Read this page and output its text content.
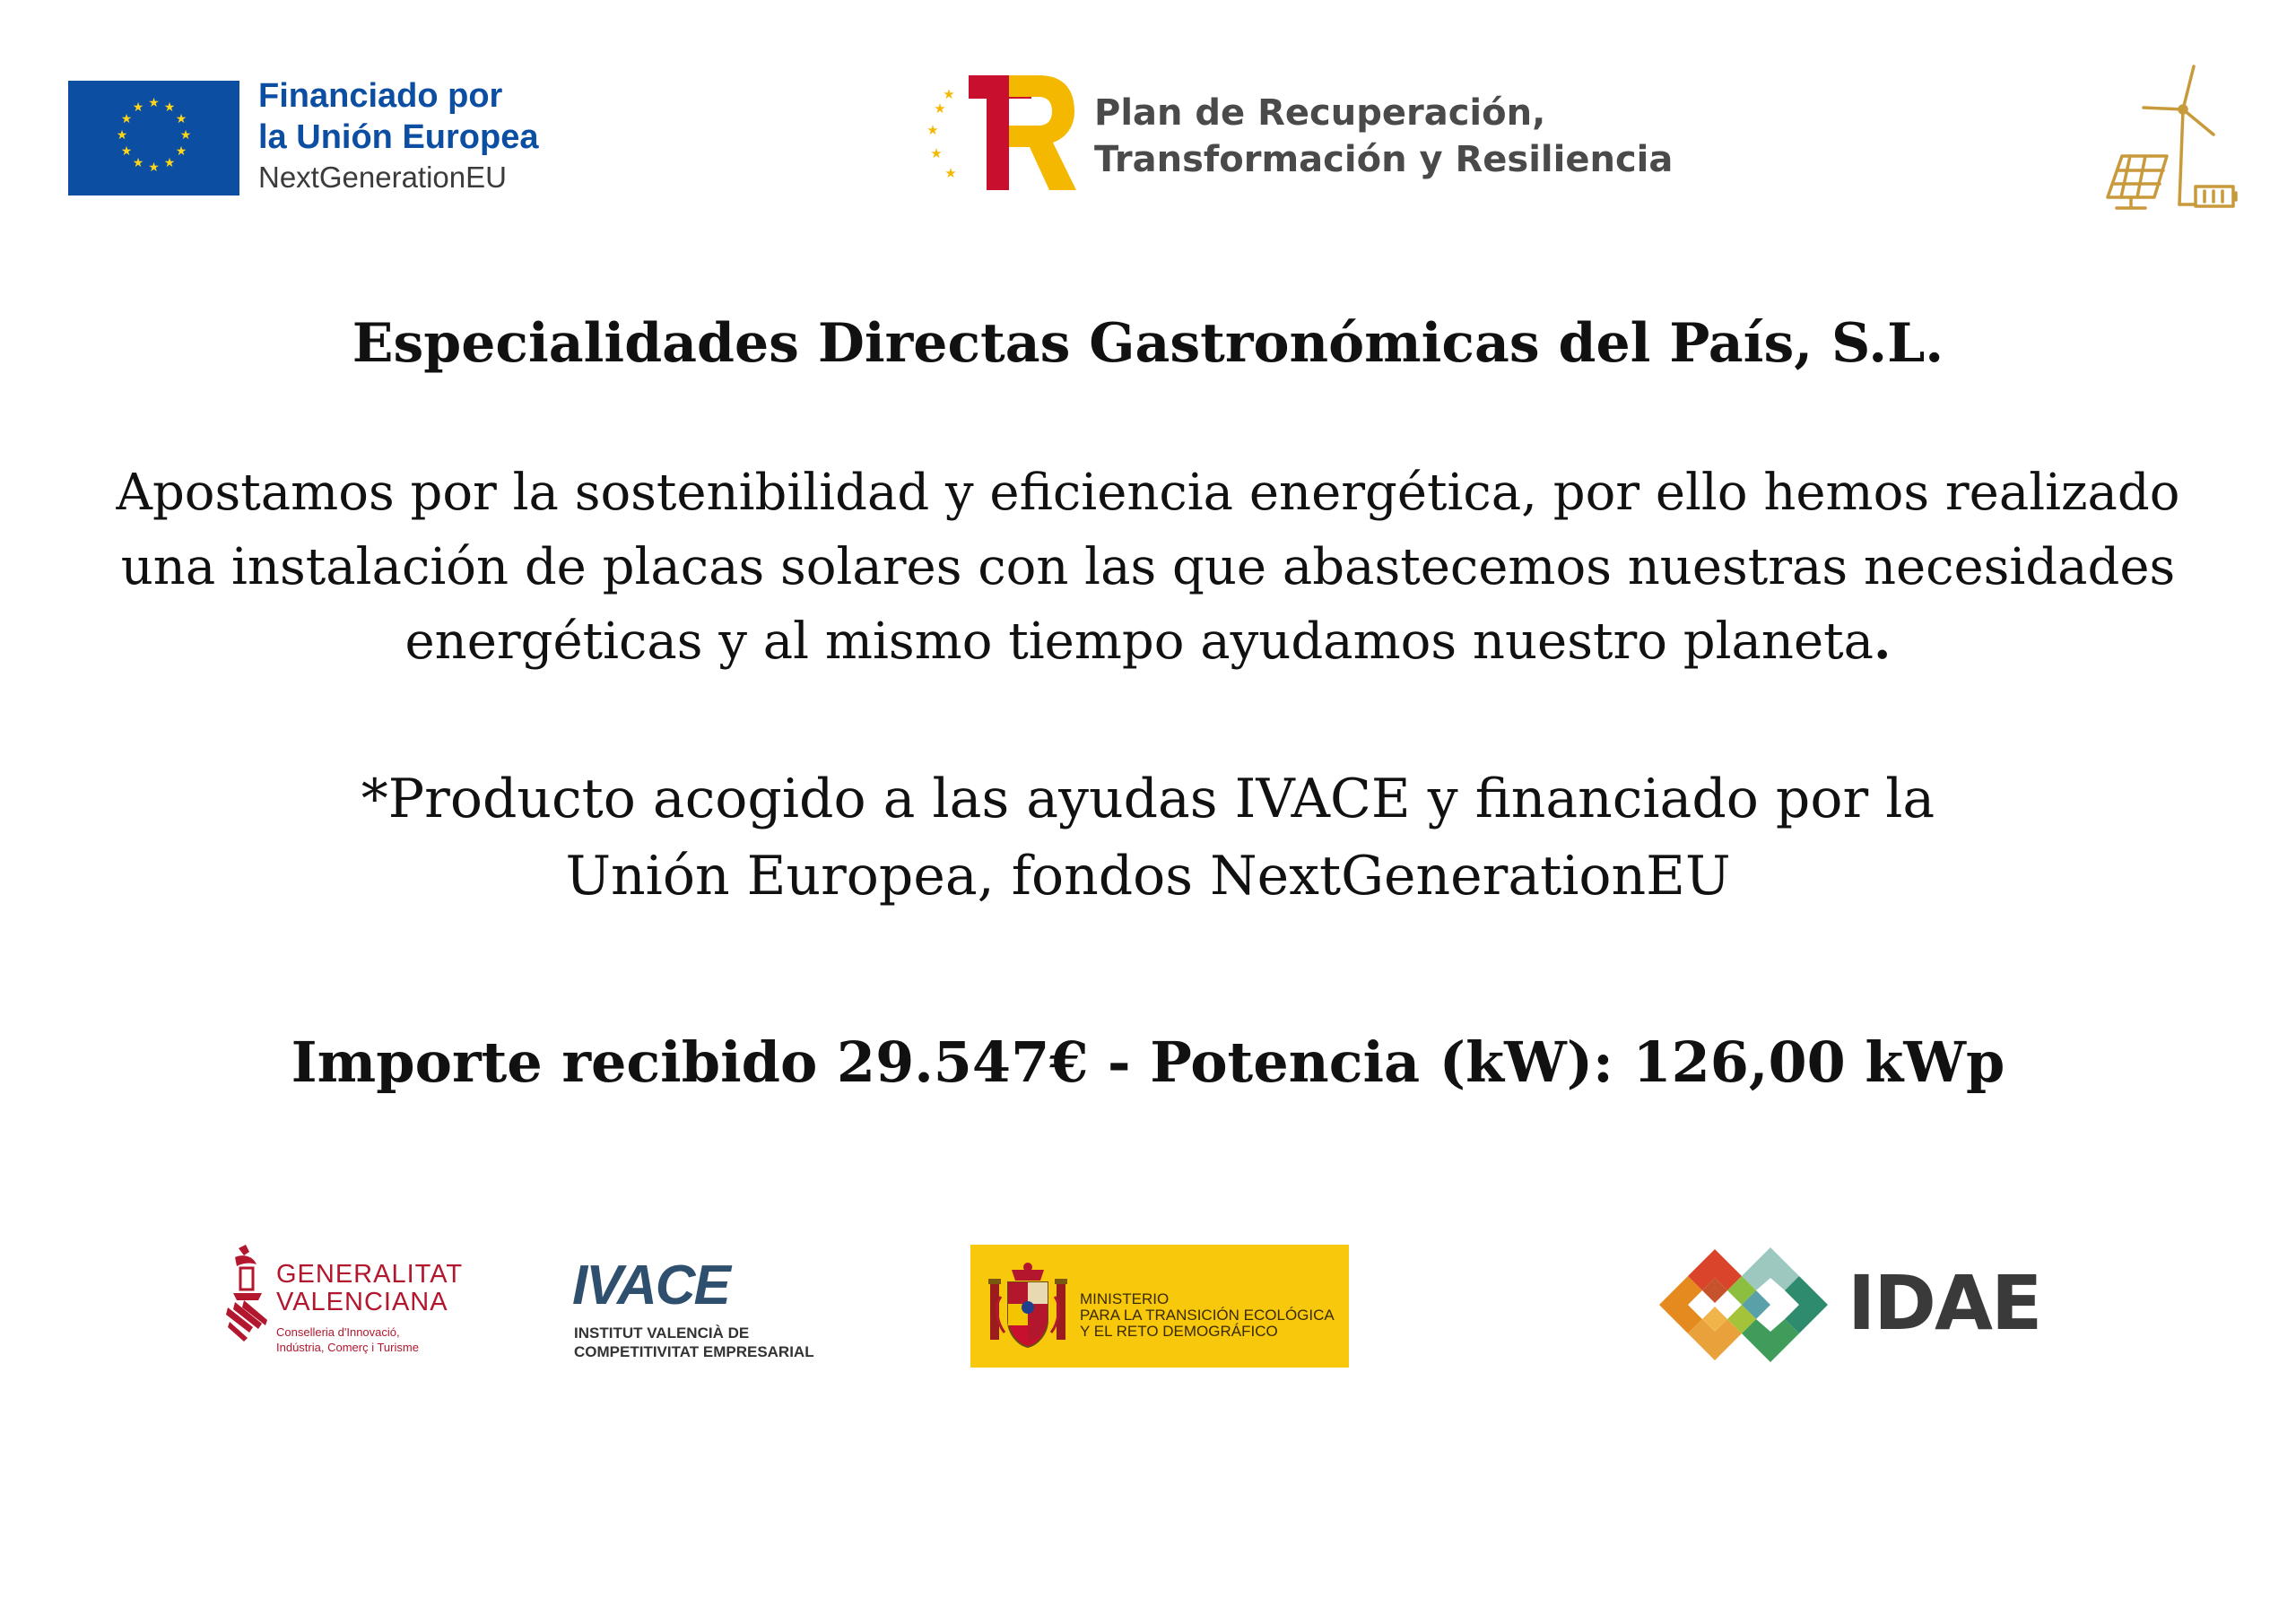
★ ★
★
★
★
★
★
★
★
★
★
★	Financiado por
la Unión Europea
NextGenerationEU
★
★
★
★
★	Plan de Recuperación,
Transformación y Resiliencia
Especialidades Directas Gastronómicas del País, S.L.
Apostamos por la sostenibilidad y eficiencia energética, por ello hemos realizado
una instalación de placas solares con las que abastecemos nuestras necesidades
energéticas y al mismo tiempo ayudamos nuestro planeta.
*Producto acogido a las ayudas IVACE y financiado por la
Unión Europea, fondos NextGenerationEU
Importe recibido 29.547€ - Potencia (kW): 126,00 kWp
GENERALITAT
VALENCIANA
Conselleria d'Innovació,
Indústria, Comerç i Turisme
IVACE
INSTITUT VALENCIÀ DE
COMPETITIVITAT EMPRESARIAL
MINISTERIO
PARA LA TRANSICIÓN ECOLÓGICA
Y EL RETO DEMOGRÁFICO	IDAE
